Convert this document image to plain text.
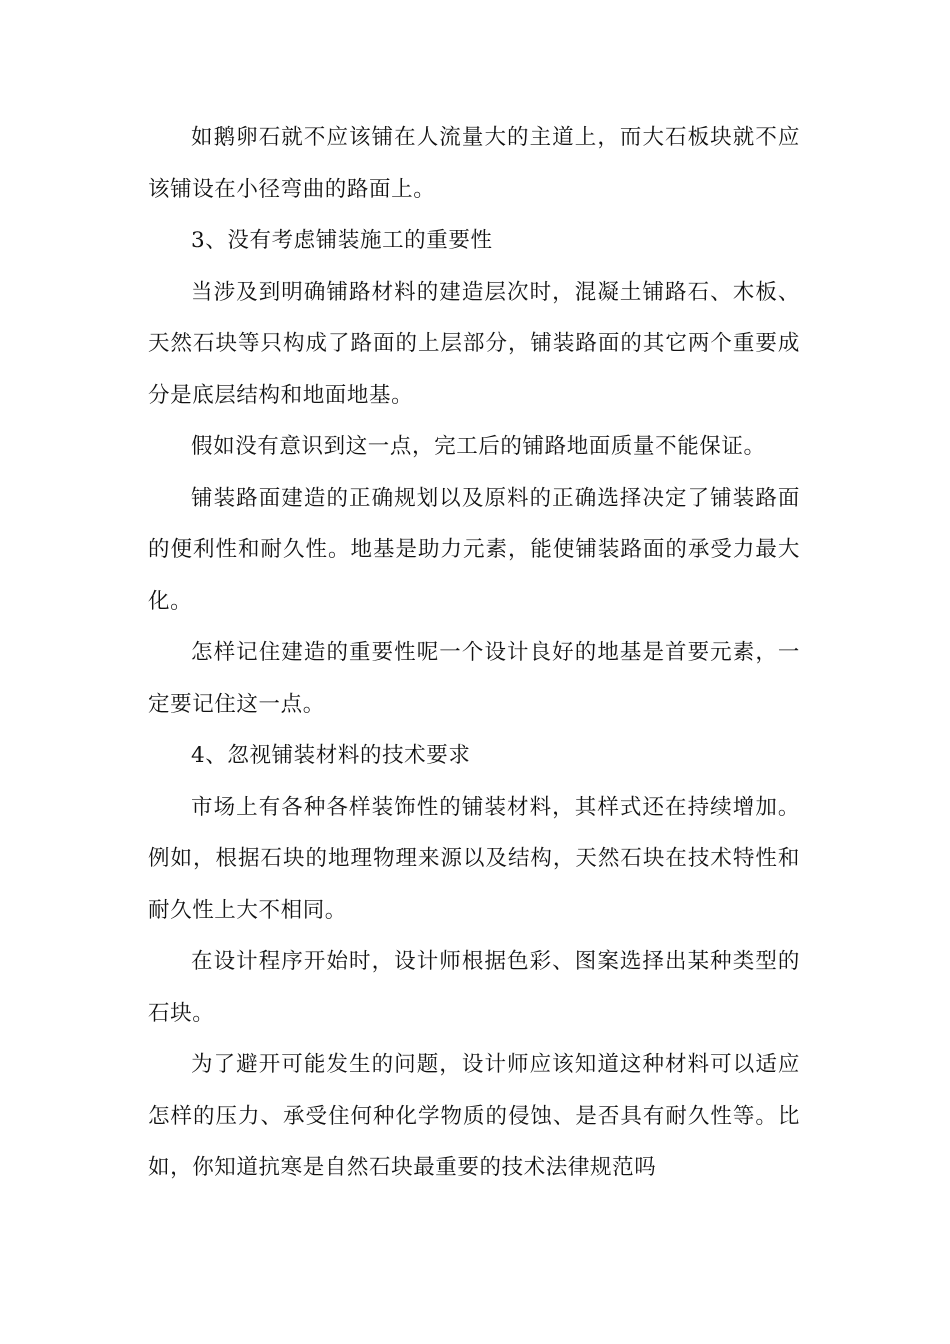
如鹅卵石就不应该铺在人流量大的主道上，而大石板块就不应该铺设在小径弯曲的路面上。

3、没有考虑铺装施工的重要性

当涉及到明确铺路材料的建造层次时，混凝土铺路石、木板、天然石块等只构成了路面的上层部分，铺装路面的其它两个重要成分是底层结构和地面地基。

假如没有意识到这一点，完工后的铺路地面质量不能保证。

铺装路面建造的正确规划以及原料的正确选择决定了铺装路面的便利性和耐久性。地基是助力元素，能使铺装路面的承受力最大化。

怎样记住建造的重要性呢一个设计良好的地基是首要元素，一定要记住这一点。

4、忽视铺装材料的技术要求

市场上有各种各样装饰性的铺装材料，其样式还在持续增加。例如，根据石块的地理物理来源以及结构，天然石块在技术特性和耐久性上大不相同。

在设计程序开始时，设计师根据色彩、图案选择出某种类型的石块。

为了避开可能发生的问题，设计师应该知道这种材料可以适应怎样的压力、承受住何种化学物质的侵蚀、是否具有耐久性等。比如，你知道抗寒是自然石块最重要的技术法律规范吗
